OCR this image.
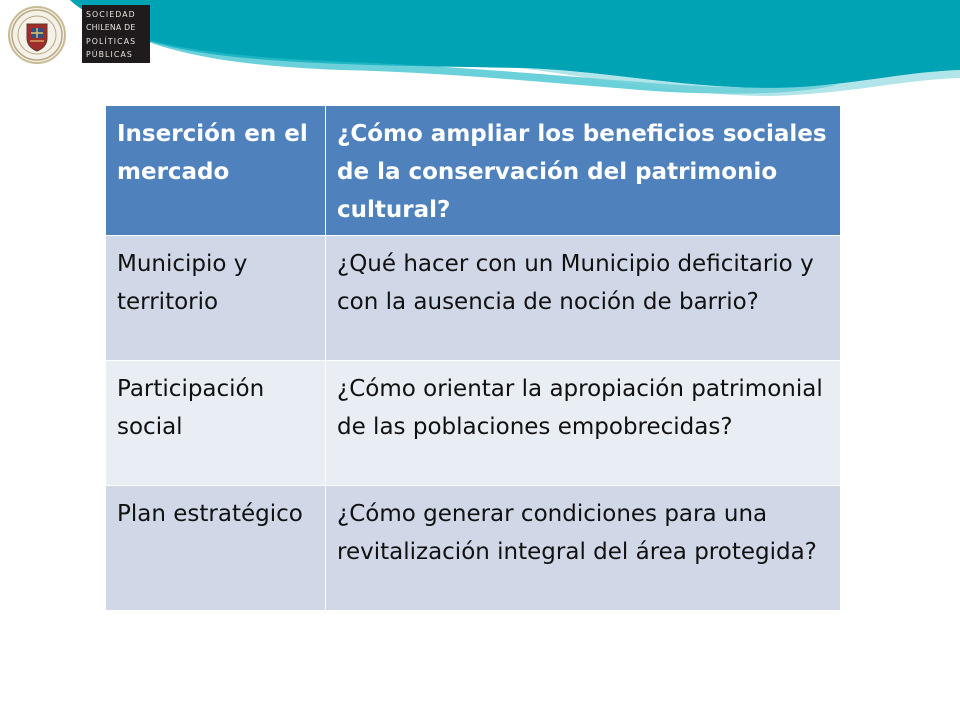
SOCIEDAD
CHILENA DE
POLÍTICAS
PÚBLICAS
Inserción en el mercado	¿Cómo ampliar los beneficios sociales de la conservación del patrimonio cultural?
Municipio y territorio	¿Qué hacer con un Municipio deficitario y con la ausencia de noción de barrio?
Participación social	¿Cómo orientar la apropiación patrimonial de las poblaciones empobrecidas?
Plan estratégico	¿Cómo generar condiciones para una revitalización integral del área protegida?
